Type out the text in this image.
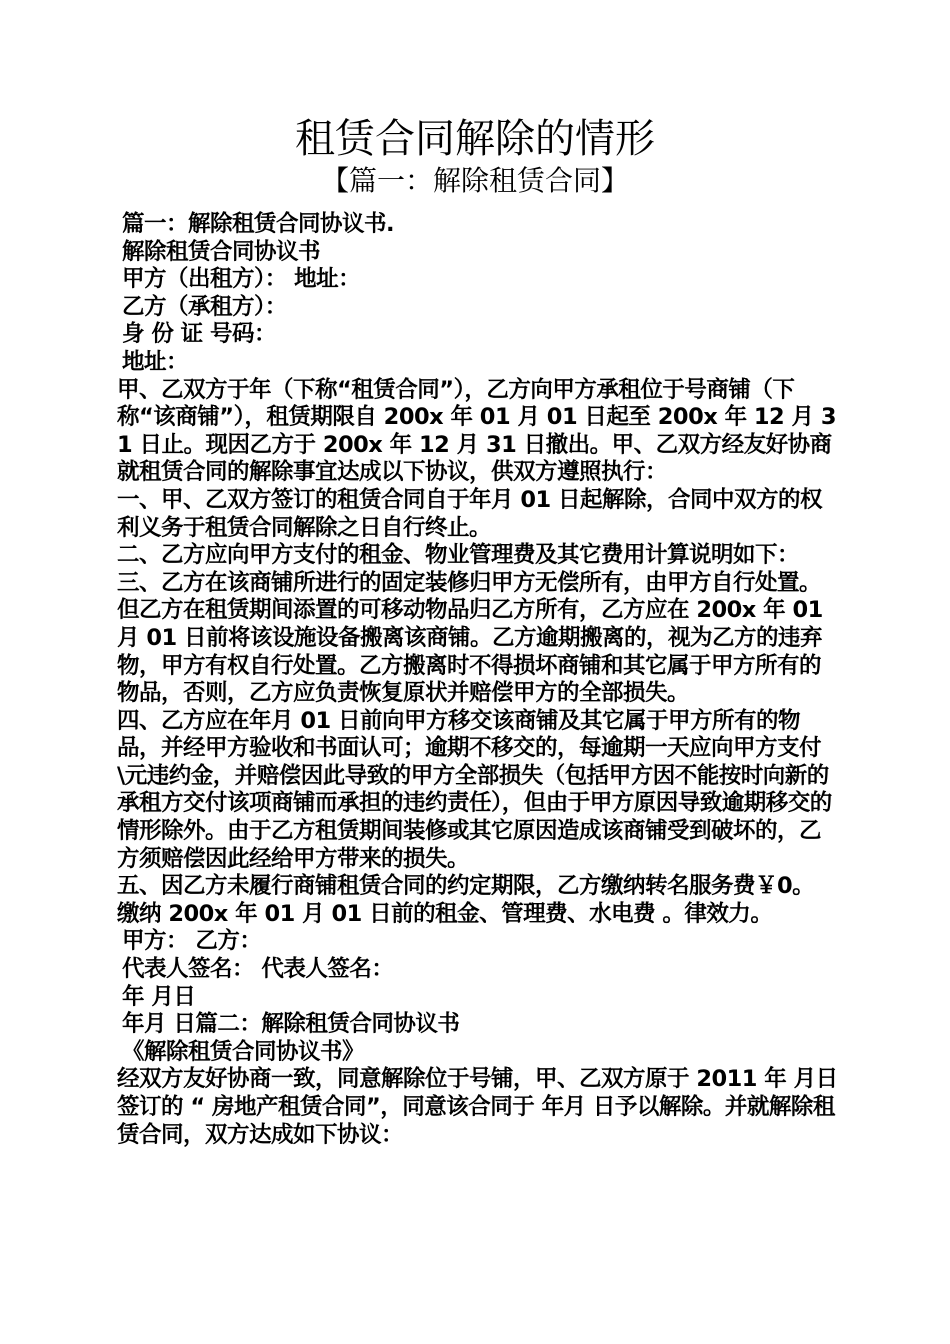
租赁合同解除的情形
【篇一：解除租赁合同】

篇一：解除租赁合同协议书.

解除租赁合同协议书

甲方（出租方）： 地址：

乙方（承租方）：

身 份 证 号码：

地址：

甲、乙双方于年（下称“租赁合同”），乙方向甲方承租位于号商铺（下称“该商铺”），租赁期限自 200x 年 01 月 01 日起至 200x 年 12 月 31 日止。现因乙方于 200x 年 12 月 31 日撤出。甲、乙双方经友好协商就租赁合同的解除事宜达成以下协议，供双方遵照执行：

一、甲、乙双方签订的租赁合同自于年月 01 日起解除，合同中双方的权利义务于租赁合同解除之日自行终止。

二、乙方应向甲方支付的租金、物业管理费及其它费用计算说明如下：

三、乙方在该商铺所进行的固定装修归甲方无偿所有，由甲方自行处置。但乙方在租赁期间添置的可移动物品归乙方所有，乙方应在 200x 年 01 月 01 日前将该设施设备搬离该商铺。乙方逾期搬离的，视为乙方的违弃物，甲方有权自行处置。乙方搬离时不得损坏商铺和其它属于甲方所有的物品，否则，乙方应负责恢复原状并赔偿甲方的全部损失。

四、乙方应在年月 01 日前向甲方移交该商铺及其它属于甲方所有的物品，并经甲方验收和书面认可；逾期不移交的，每逾期一天应向甲方支付 \元违约金，并赔偿因此导致的甲方全部损失（包括甲方因不能按时向新的承租方交付该项商铺而承担的违约责任），但由于甲方原因导致逾期移交的情形除外。由于乙方租赁期间装修或其它原因造成该商铺受到破坏的，乙方须赔偿因此经给甲方带来的损失。

五、因乙方未履行商铺租赁合同的约定期限，乙方缴纳转名服务费￥0。 缴纳 200x 年 01 月 01 日前的租金、管理费、水电费 。律效力。

甲方： 乙方：

代表人签名： 代表人签名：

年 月日

年月 日篇二：解除租赁合同协议书

《解除租赁合同协议书》

经双方友好协商一致，同意解除位于号铺，甲、乙双方原于 2011 年 月日签订的 “ 房地产租赁合同”，同意该合同于 年月 日予以解除。并就解除租赁合同，双方达成如下协议：
